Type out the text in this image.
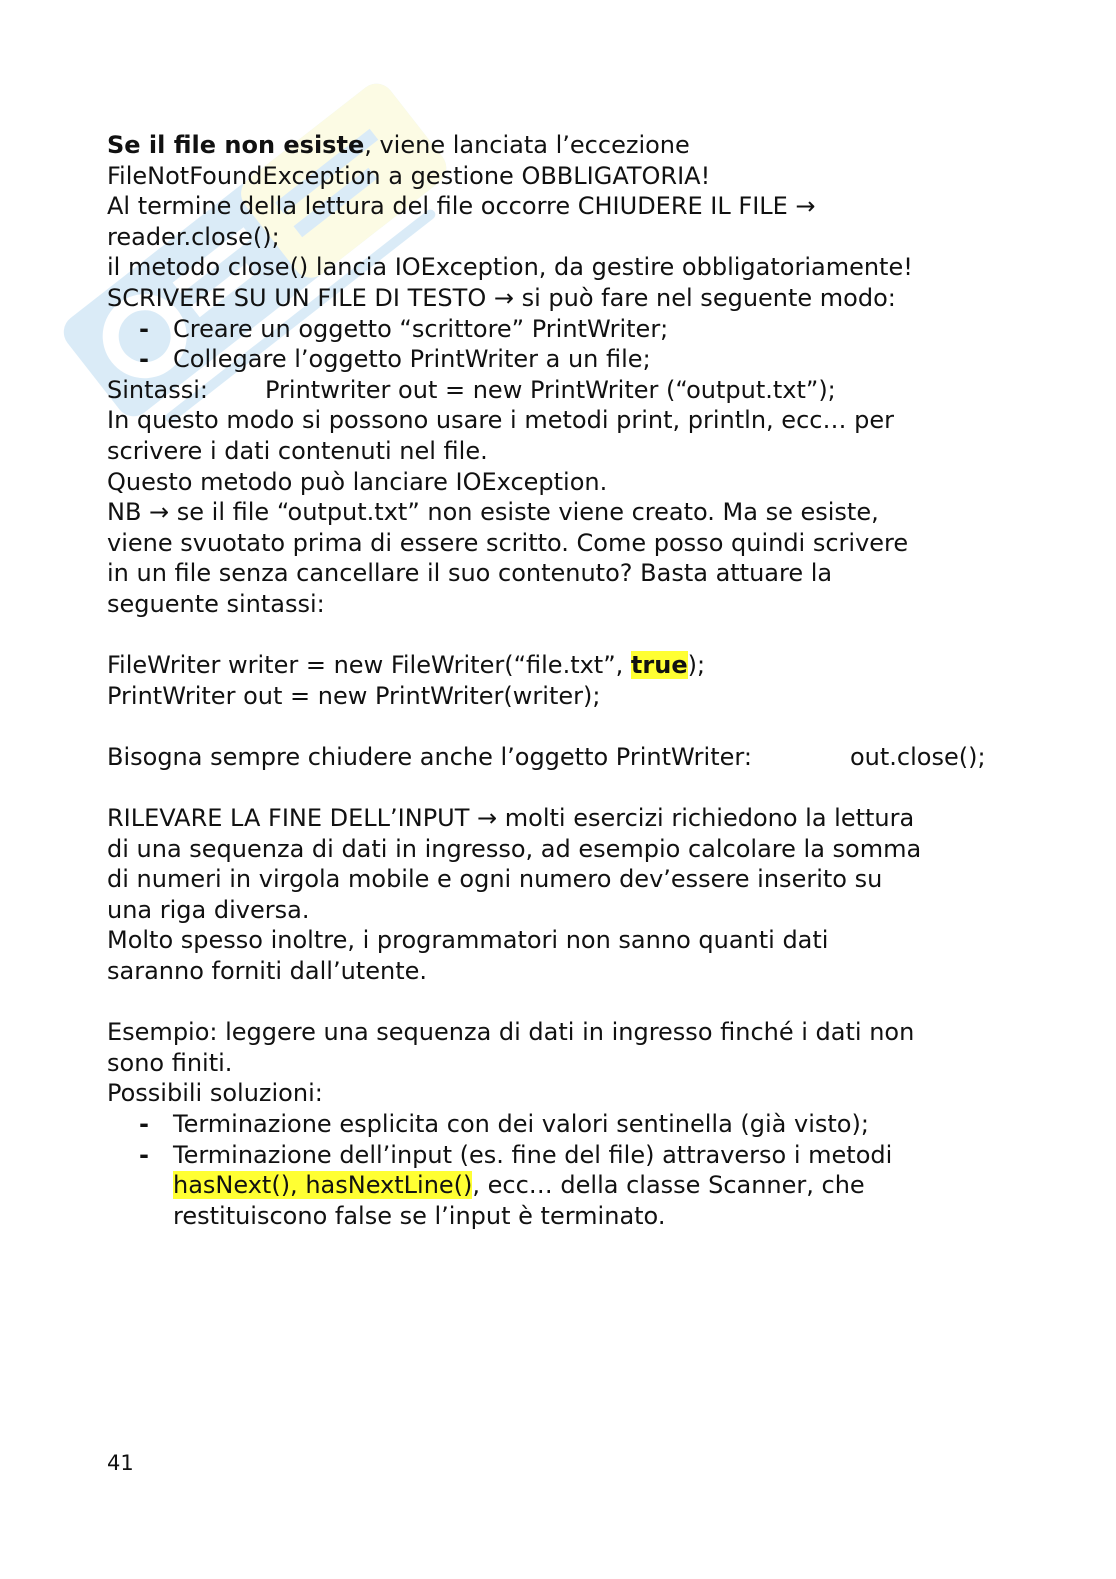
Se il file non esiste, viene lanciata l’eccezione
FileNotFoundException a gestione OBBLIGATORIA!
Al termine della lettura del file occorre CHIUDERE IL FILE →
reader.close();
il metodo close() lancia IOException, da gestire obbligatoriamente!
SCRIVERE SU UN FILE DI TESTO → si può fare nel seguente modo:
- Creare un oggetto “scrittore” PrintWriter;
- Collegare l’oggetto PrintWriter a un file;
Sintassi: Printwriter out = new PrintWriter (“output.txt”);
In questo modo si possono usare i metodi print, println, ecc… per
scrivere i dati contenuti nel file.
Questo metodo può lanciare IOException.
NB → se il file “output.txt” non esiste viene creato. Ma se esiste,
viene svuotato prima di essere scritto. Come posso quindi scrivere
in un file senza cancellare il suo contenuto? Basta attuare la
seguente sintassi:
FileWriter writer = new FileWriter(“file.txt”, true);
PrintWriter out = new PrintWriter(writer);
Bisogna sempre chiudere anche l’oggetto PrintWriter:	out.close();
RILEVARE LA FINE DELL’INPUT → molti esercizi richiedono la lettura
di una sequenza di dati in ingresso, ad esempio calcolare la somma
di numeri in virgola mobile e ogni numero dev’essere inserito su
una riga diversa.
Molto spesso inoltre, i programmatori non sanno quanti dati
saranno forniti dall’utente.
Esempio: leggere una sequenza di dati in ingresso finché i dati non
sono finiti.
Possibili soluzioni:
- Terminazione esplicita con dei valori sentinella (già visto);
- Terminazione dell’input (es. fine del file) attraverso i metodi
hasNext(), hasNextLine(), ecc… della classe Scanner, che
restituiscono false se l’input è terminato.
41
